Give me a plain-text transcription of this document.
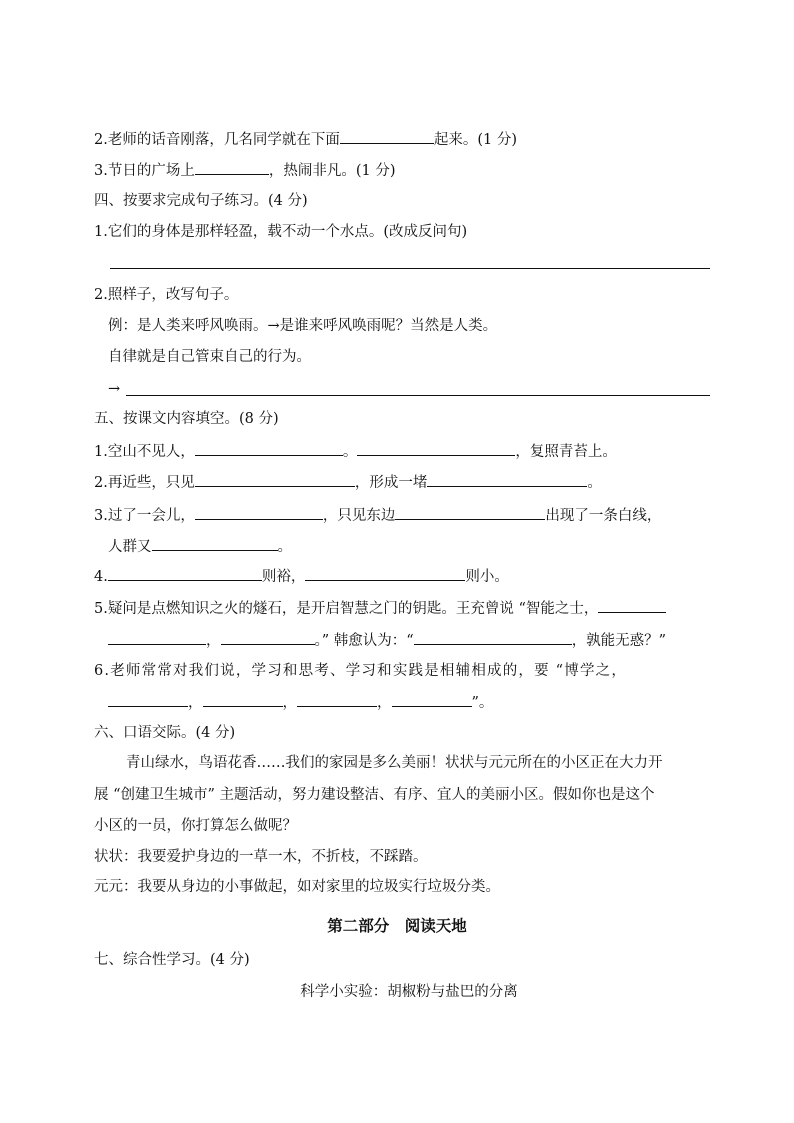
2.老师的话音刚落，几名同学就在下面	起来。(1 分)
3.节日的广场上	，热闹非凡。(1 分)
四、按要求完成句子练习。(4 分)
1.它们的身体是那样轻盈，载不动一个水点。(改成反问句)
2.照样子，改写句子。
例：是人类来呼风唤雨。→是谁来呼风唤雨呢？当然是人类。
自律就是自己管束自己的行为。
→
五、按课文内容填空。(8 分)
1.空山不见人，	。	，复照青苔上。
2.再近些，只见	，形成一堵	。
3.过了一会儿，	，只见东边	出现了一条白线，
人群又	。
4.	则裕，	则小。
5.疑问是点燃知识之火的燧石，是开启智慧之门的钥匙。王充曾说 “智能之士，
，	。” 韩愈认为：“	，孰能无惑？”
6.老师常常对我们说，学习和思考、学习和实践是相辅相成的，要 “博学之，
，	，	，	”。
六、口语交际。(4 分)
青山绿水，鸟语花香……我们的家园是多么美丽！状状与元元所在的小区正在大力开
展 “创建卫生城市” 主题活动，努力建设整洁、有序、宜人的美丽小区。假如你也是这个
小区的一员，你打算怎么做呢？
状状：我要爱护身边的一草一木，不折枝，不踩踏。
元元：我要从身边的小事做起，如对家里的垃圾实行垃圾分类。
第二部分　阅读天地
七、综合性学习。(4 分)
科学小实验：胡椒粉与盐巴的分离
